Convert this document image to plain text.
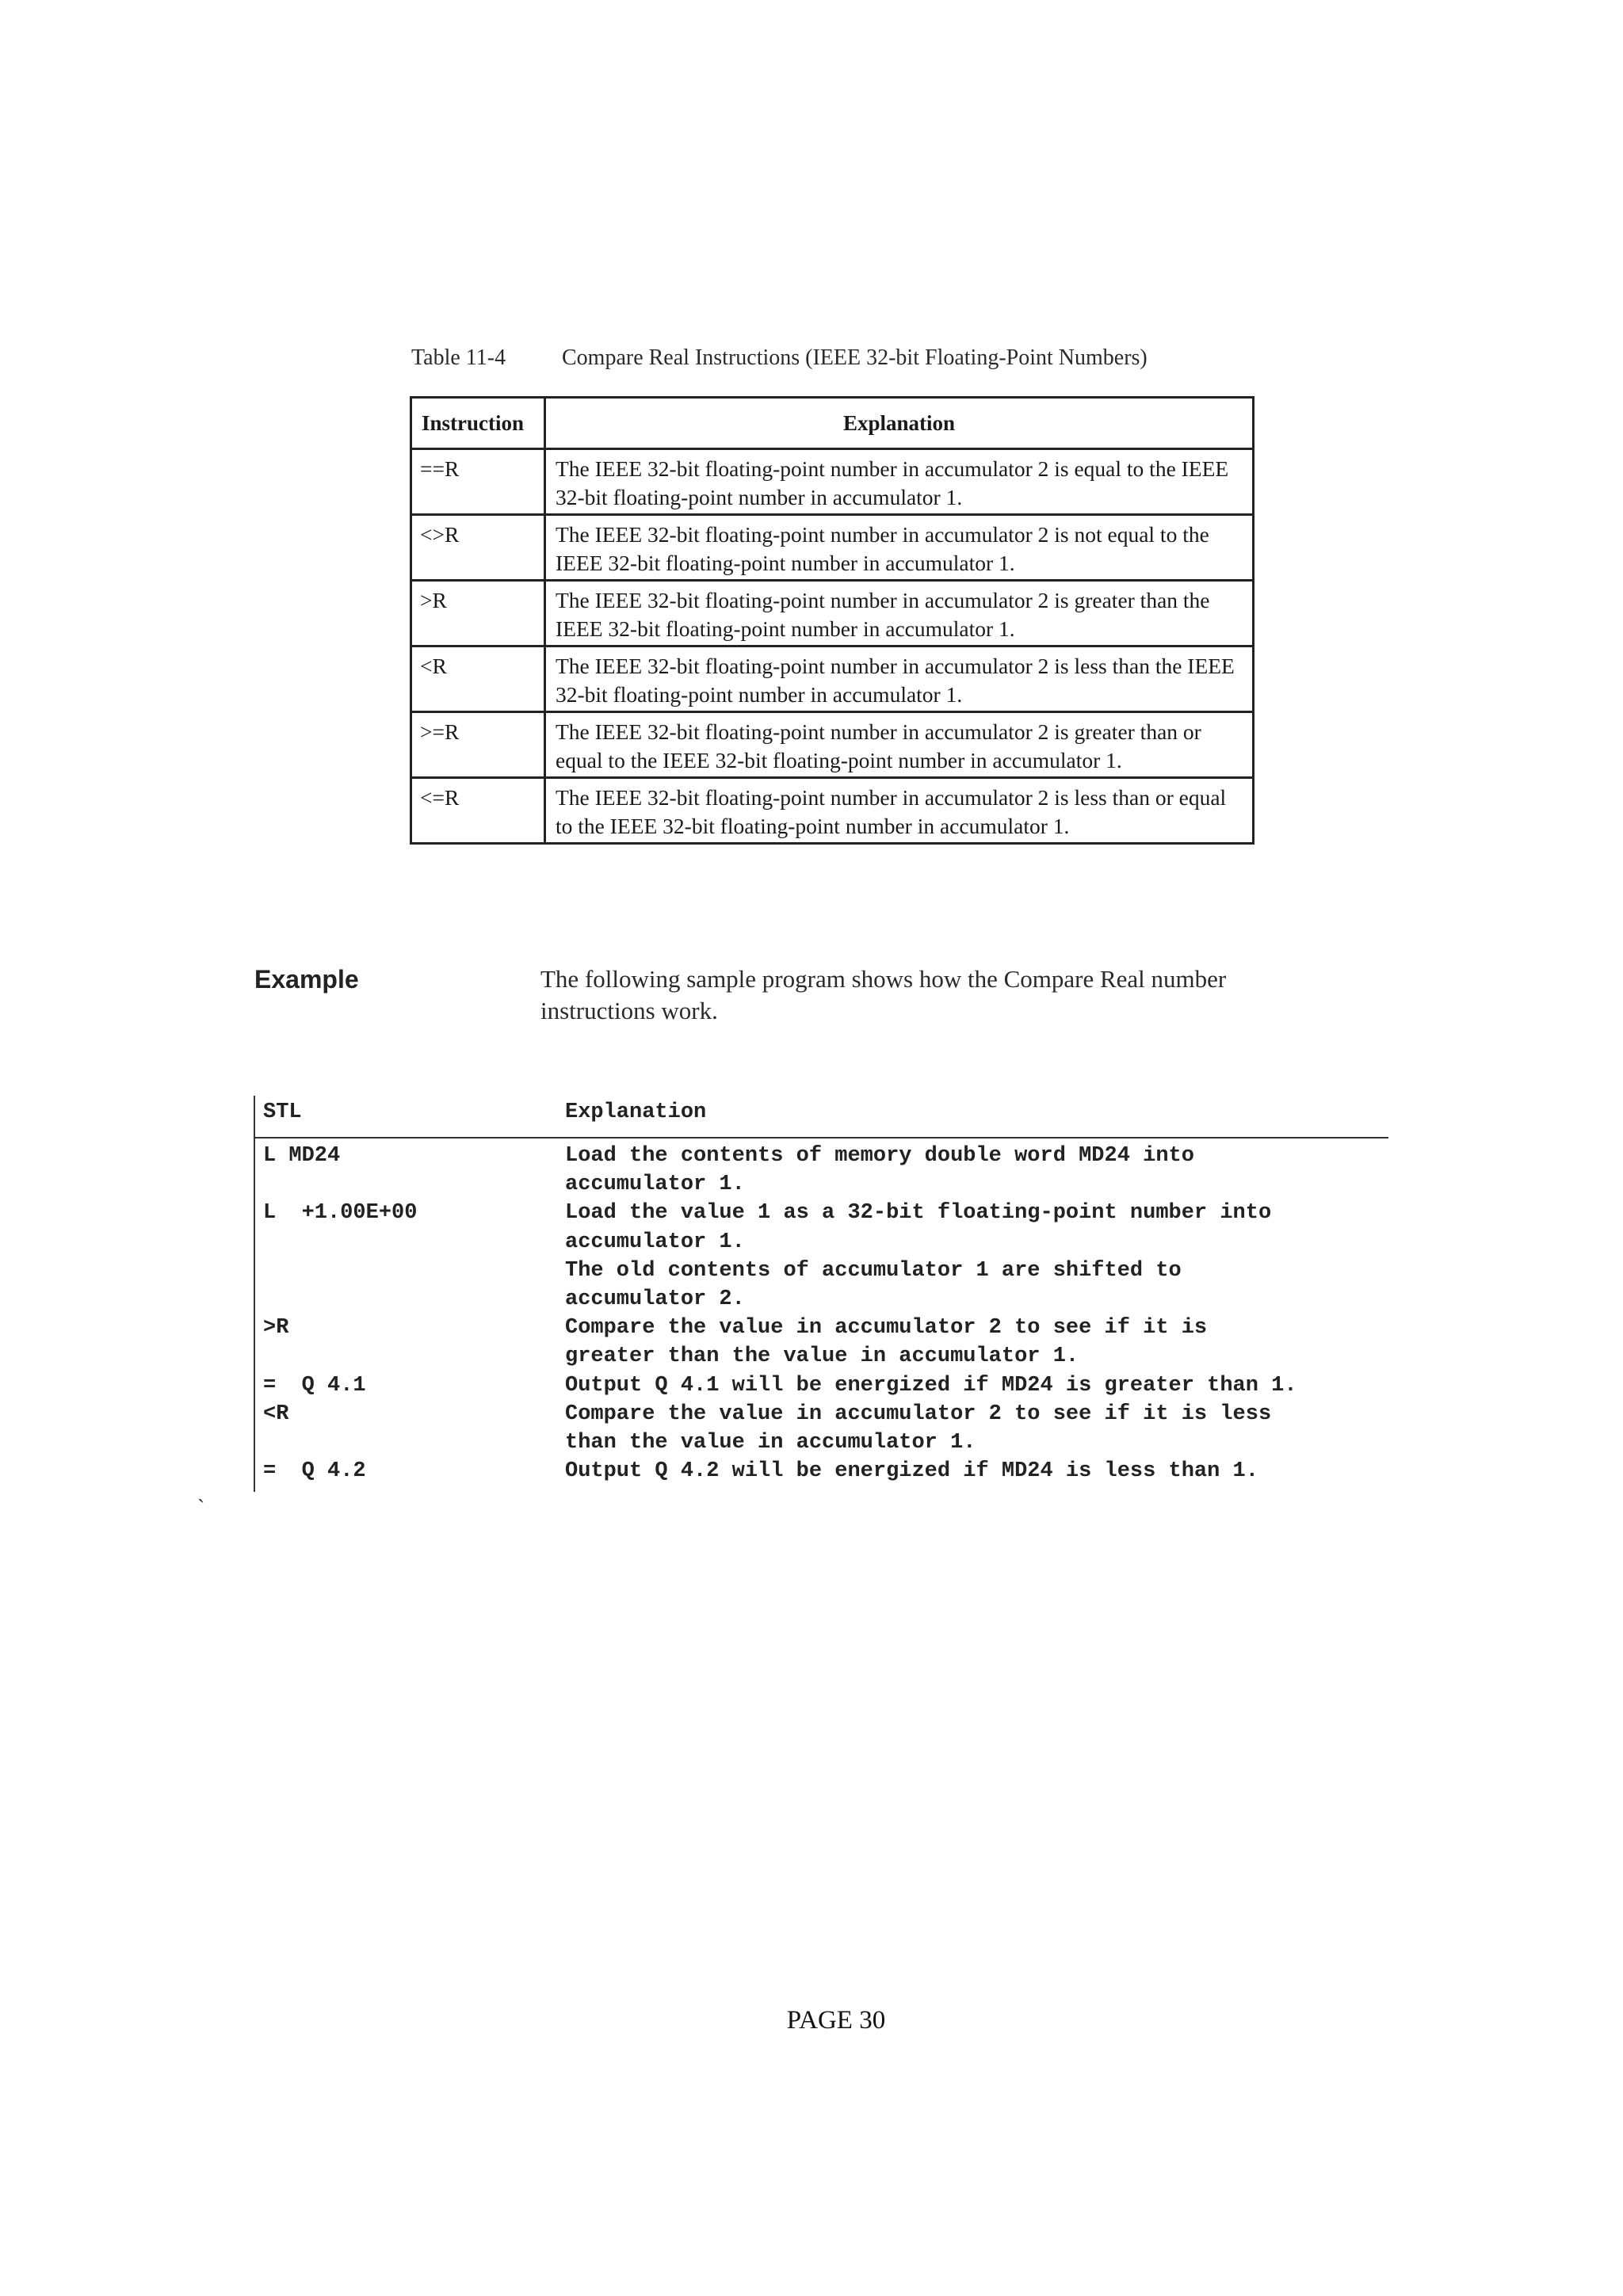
Table 11-4	Compare Real Instructions (IEEE 32-bit Floating-Point Numbers)
Instruction	Explanation
==R	The IEEE 32-bit floating-point number in accumulator 2 is equal to the IEEE 32-bit floating-point number in accumulator 1.
<>R	The IEEE 32-bit floating-point number in accumulator 2 is not equal to the IEEE 32-bit floating-point number in accumulator 1.
>R	The IEEE 32-bit floating-point number in accumulator 2 is greater than the IEEE 32-bit floating-point number in accumulator 1.
<R	The IEEE 32-bit floating-point number in accumulator 2 is less than the IEEE 32-bit floating-point number in accumulator 1.
>=R	The IEEE 32-bit floating-point number in accumulator 2 is greater than or equal to the IEEE 32-bit floating-point number in accumulator 1.
<=R	The IEEE 32-bit floating-point number in accumulator 2 is less than or equal to the IEEE 32-bit floating-point number in accumulator 1.
Example	The following sample program shows how the Compare Real number instructions work.
STL	Explanation
L MD24	Load the contents of memory double word MD24 into
accumulator 1.
L  +1.00E+00	Load the value 1 as a 32-bit floating-point number into
accumulator 1.
The old contents of accumulator 1 are shifted to
accumulator 2.
>R	Compare the value in accumulator 2 to see if it is
greater than the value in accumulator 1.
=  Q 4.1	Output Q 4.1 will be energized if MD24 is greater than 1.
<R	Compare the value in accumulator 2 to see if it is less
than the value in accumulator 1.
=  Q 4.2	Output Q 4.2 will be energized if MD24 is less than 1.
`
PAGE 30
